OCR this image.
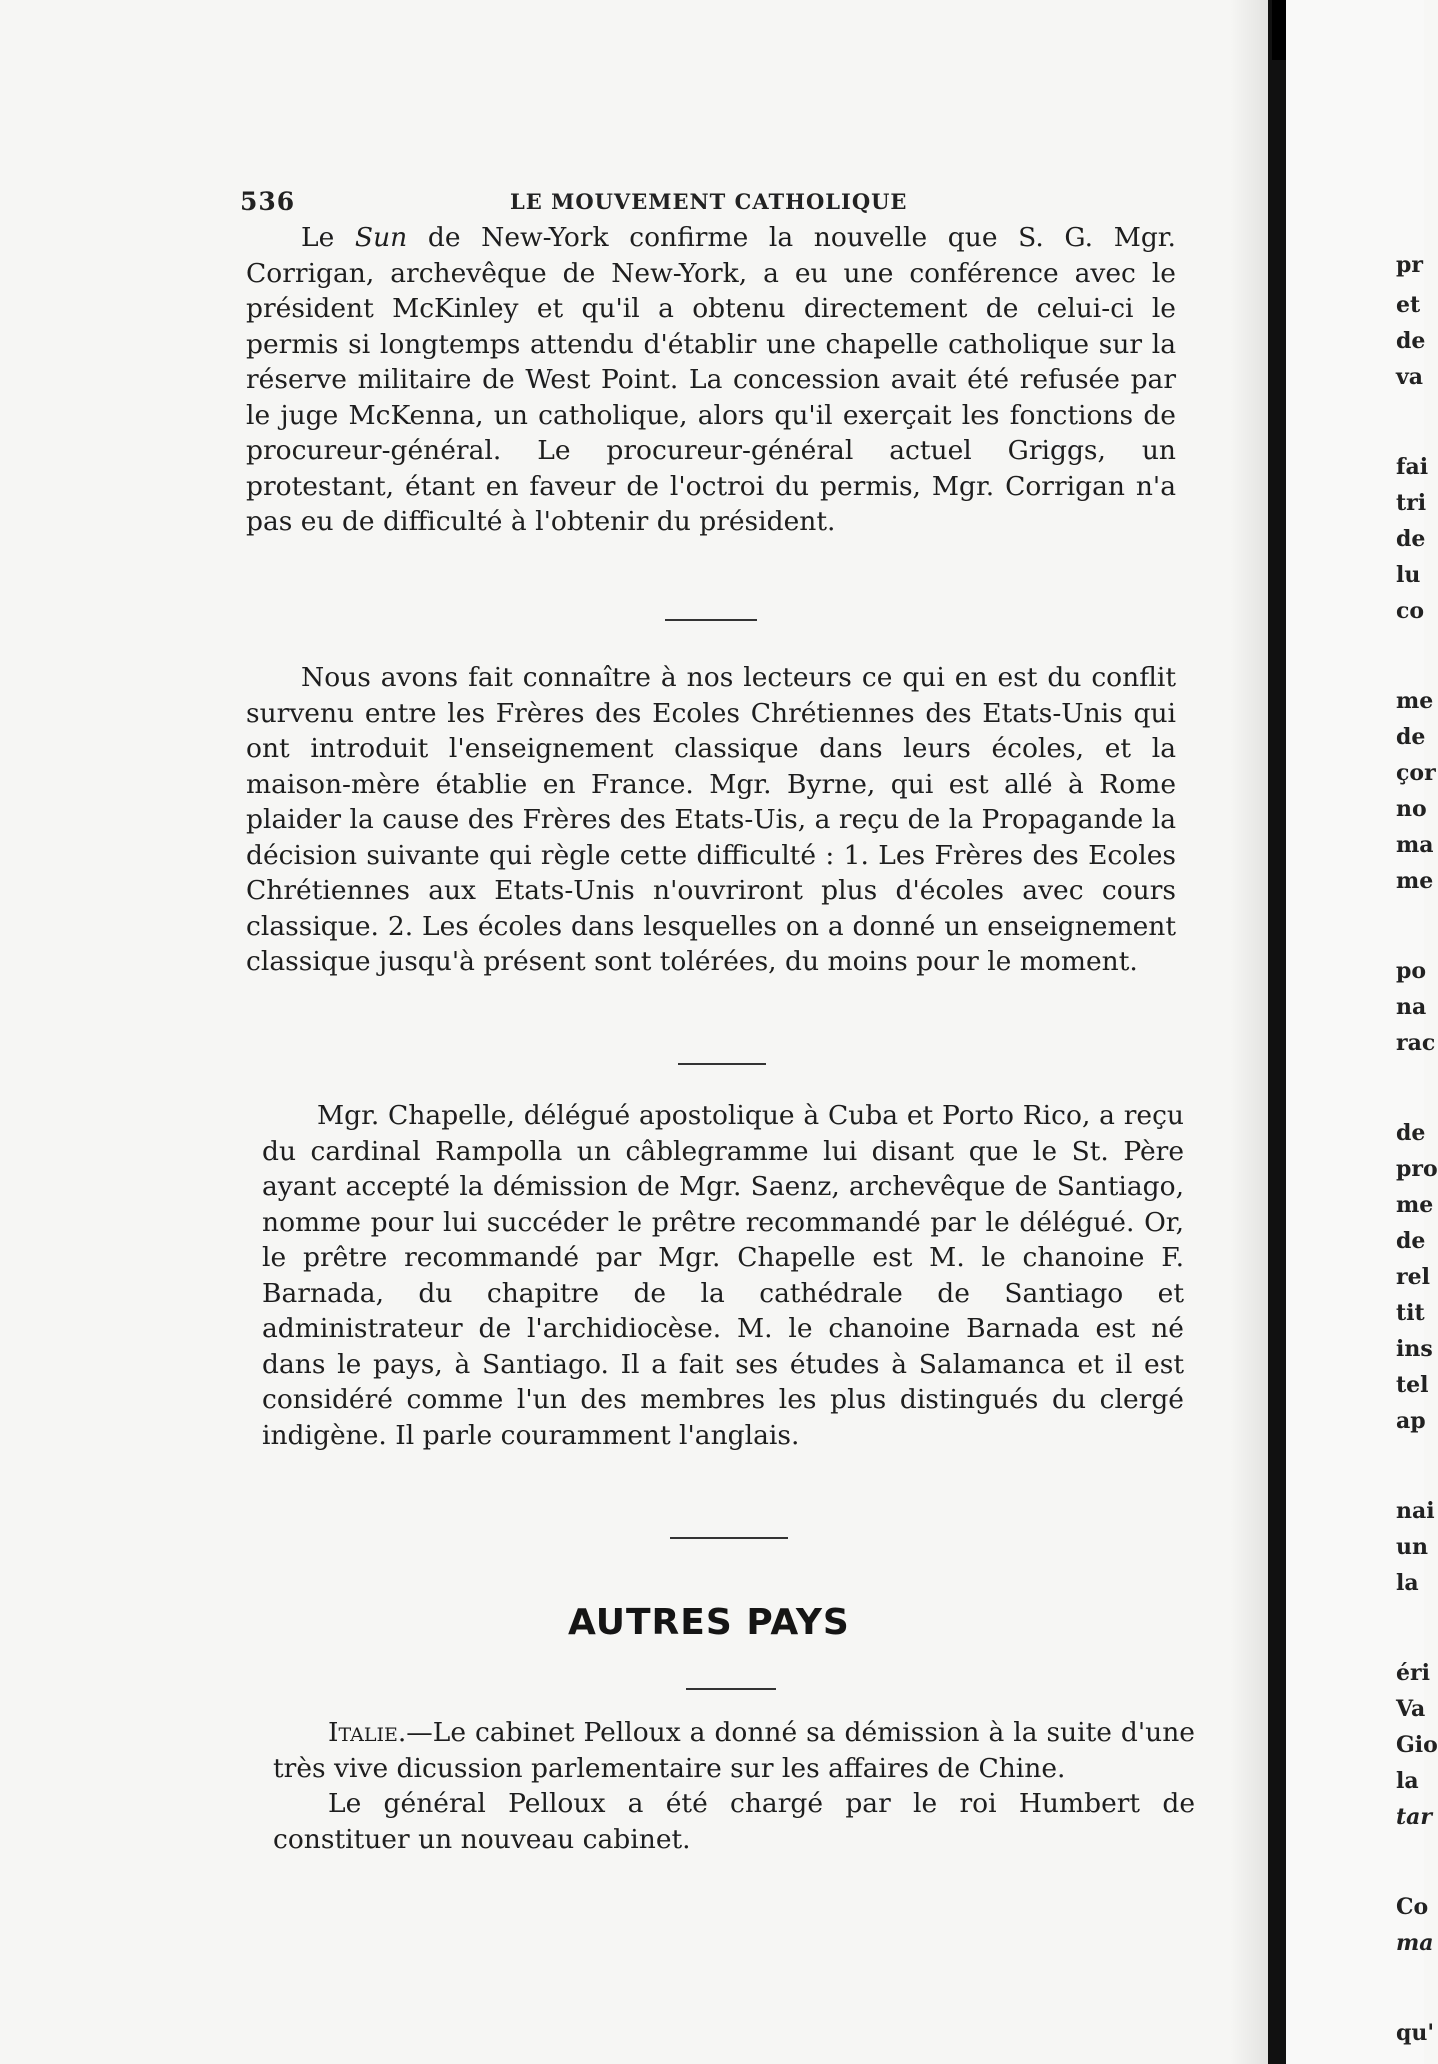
536	LE MOUVEMENT CATHOLIQUE

Le Sun de New-York confirme la nouvelle que S. G. Mgr. Corrigan, archevêque de New-York, a eu une conférence avec le président McKinley et qu'il a obtenu directement de celui-ci le permis si longtemps attendu d'établir une chapelle catholique sur la réserve militaire de West Point. La concession avait été refusée par le juge McKenna, un catholique, alors qu'il exerçait les fonctions de procureur-général. Le procureur-général actuel Griggs, un protestant, étant en faveur de l'octroi du permis, Mgr. Corrigan n'a pas eu de difficulté à l'obtenir du président.

Nous avons fait connaître à nos lecteurs ce qui en est du conflit survenu entre les Frères des Ecoles Chrétiennes des Etats-Unis qui ont introduit l'enseignement classique dans leurs écoles, et la maison-mère établie en France. Mgr. Byrne, qui est allé à Rome plaider la cause des Frères des Etats-Uis, a reçu de la Propagande la décision suivante qui règle cette difficulté : 1. Les Frères des Ecoles Chrétiennes aux Etats-Unis n'ouvriront plus d'écoles avec cours classique. 2. Les écoles dans lesquelles on a donné un enseignement classique jusqu'à présent sont tolérées, du moins pour le moment.

Mgr. Chapelle, délégué apostolique à Cuba et Porto Rico, a reçu du cardinal Rampolla un câblegramme lui disant que le St. Père ayant accepté la démission de Mgr. Saenz, archevêque de Santiago, nomme pour lui succéder le prêtre recommandé par le délégué. Or, le prêtre recommandé par Mgr. Chapelle est M. le chanoine F. Barnada, du chapitre de la cathédrale de Santiago et administrateur de l'archidiocèse. M. le chanoine Barnada est né dans le pays, à Santiago. Il a fait ses études à Salamanca et il est considéré comme l'un des membres les plus distingués du clergé indigène. Il parle couramment l'anglais.

AUTRES PAYS

Italie.—Le cabinet Pelloux a donné sa démission à la suite d'une très vive dicussion parlementaire sur les affaires de Chine.

Le général Pelloux a été chargé par le roi Humbert de constituer un nouveau cabinet.

pr
et
de
va
fai
tri
de
lu
co
me
de
çor
no
ma
me
po
na
rac
de
pro
me
de
rel
tit
ins
tel
ap
nai
un
la
éri
Va
Gio
la
tar
Co
ma
qu'
